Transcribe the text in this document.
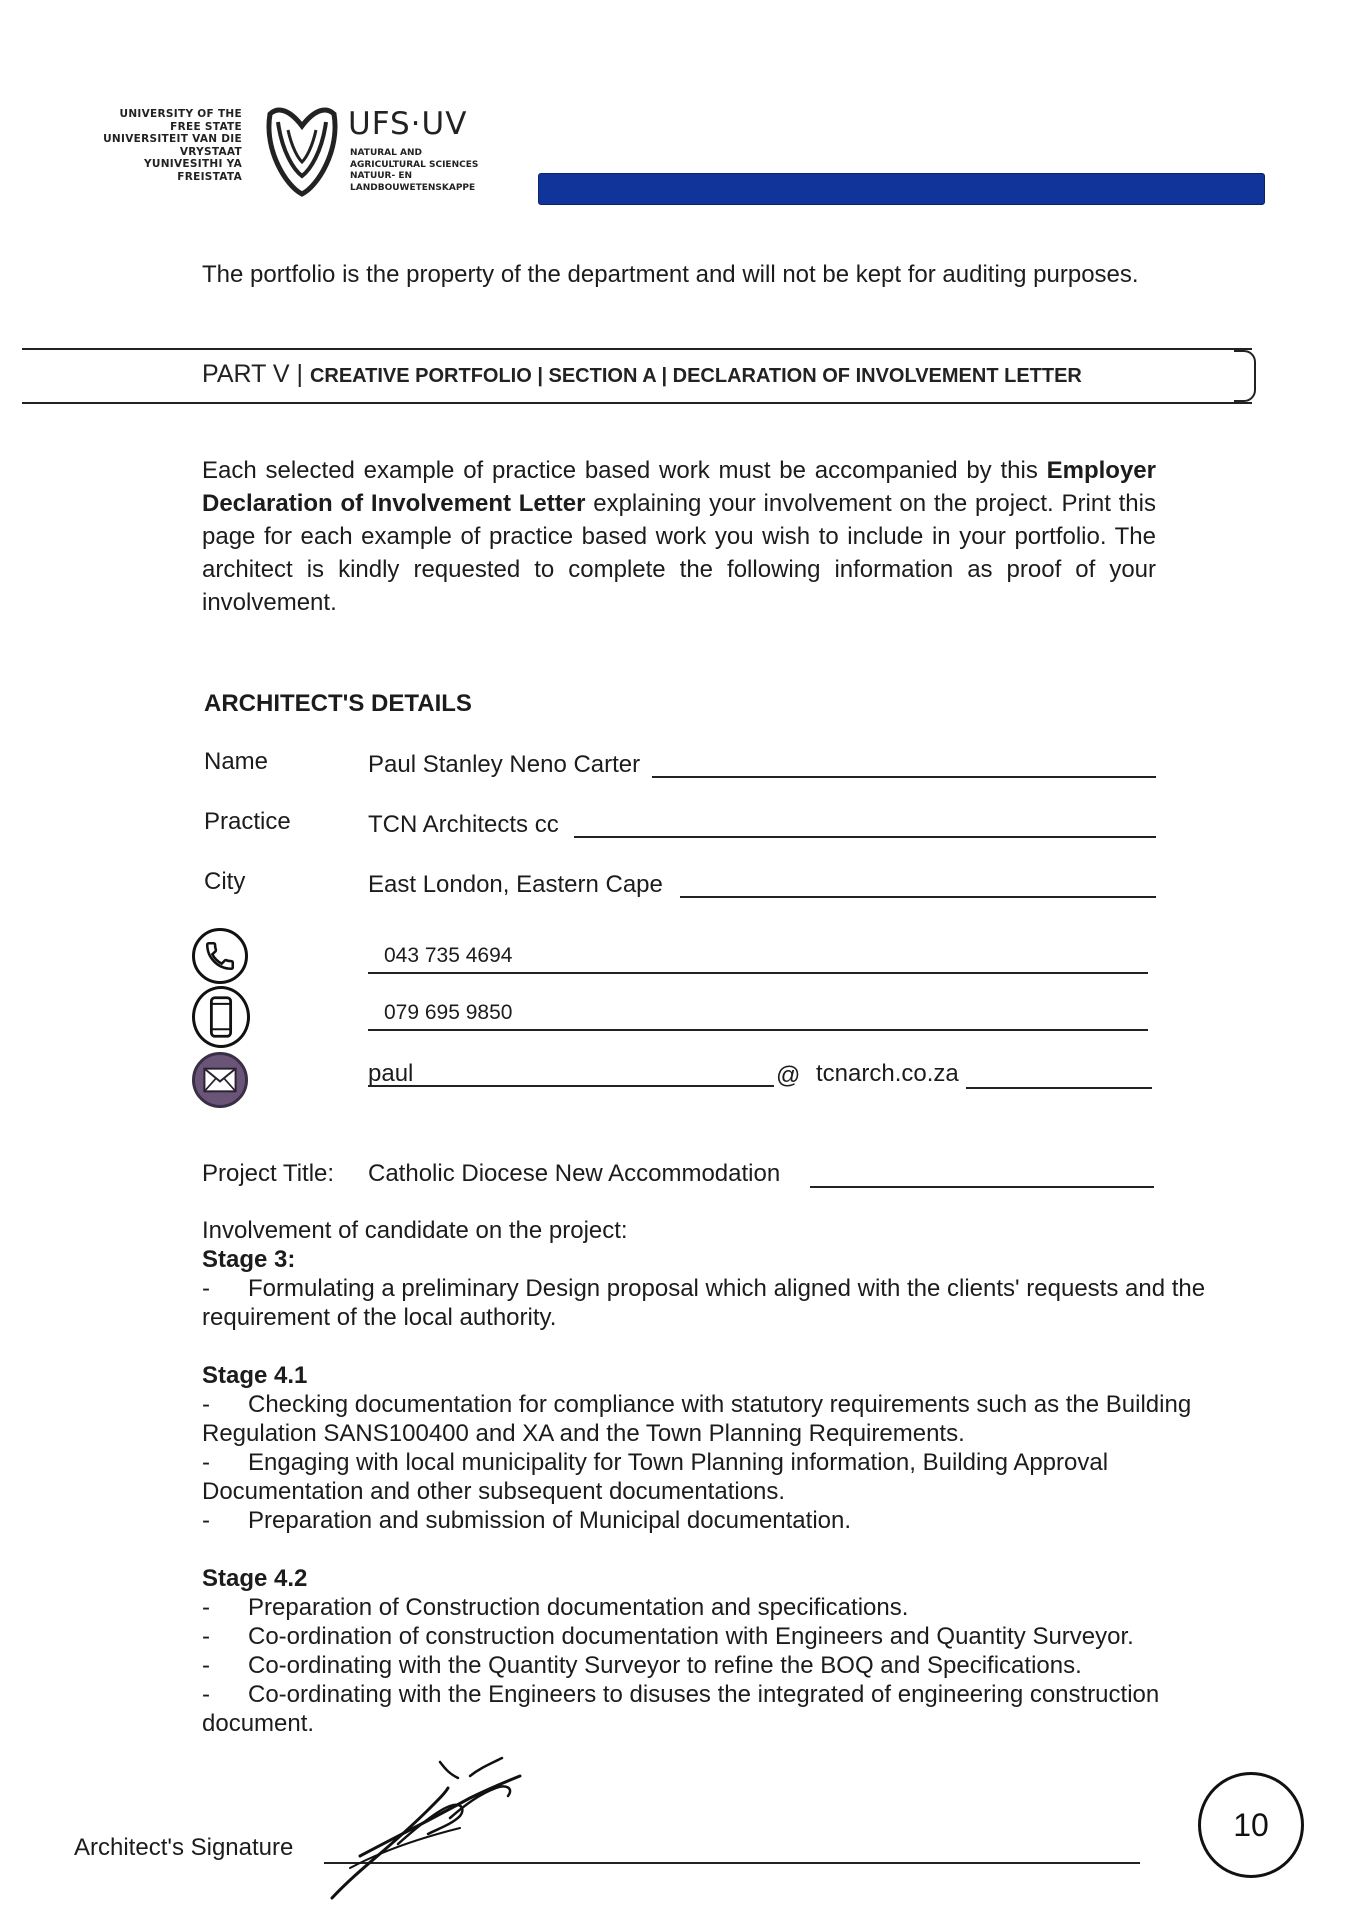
UNIVERSITY OF THE
FREE STATE
UNIVERSITEIT VAN DIE
VRYSTAAT
YUNIVESITHI YA
FREISTATA
UFS·UV
NATURAL AND
AGRICULTURAL SCIENCES
NATUUR- EN
LANDBOUWETENSKAPPE
The portfolio is the property of the department and will not be kept for auditing purposes.
PART V | CREATIVE PORTFOLIO | SECTION A | DECLARATION OF INVOLVEMENT LETTER
Each selected example of practice based work must be accompanied by this Employer Declaration of Involvement Letter explaining your involvement on the project. Print this page for each example of practice based work you wish to include in your portfolio. The architect is kindly requested to complete the following information as proof of your involvement.
ARCHITECT'S DETAILS
Name	Paul Stanley Neno Carter
Practice	TCN Architects cc
City	East London, Eastern Cape
043 735 4694
079 695 9850
paul	@ tcnarch.co.za
Project Title: Catholic Diocese New Accommodation
Involvement of candidate on the project:
Stage 3:
- Formulating a preliminary Design proposal which aligned with the clients' requests and the requirement of the local authority.
Stage 4.1
- Checking documentation for compliance with statutory requirements such as the Building Regulation SANS100400 and XA and the Town Planning Requirements.
- Engaging with local municipality for Town Planning information, Building Approval Documentation and other subsequent documentations.
- Preparation and submission of Municipal documentation.
Stage 4.2
- Preparation of Construction documentation and specifications.
- Co-ordination of construction documentation with Engineers and Quantity Surveyor.
- Co-ordinating with the Quantity Surveyor to refine the BOQ and Specifications.
- Co-ordinating with the Engineers to disuses the integrated of engineering construction document.
Architect's Signature
10
